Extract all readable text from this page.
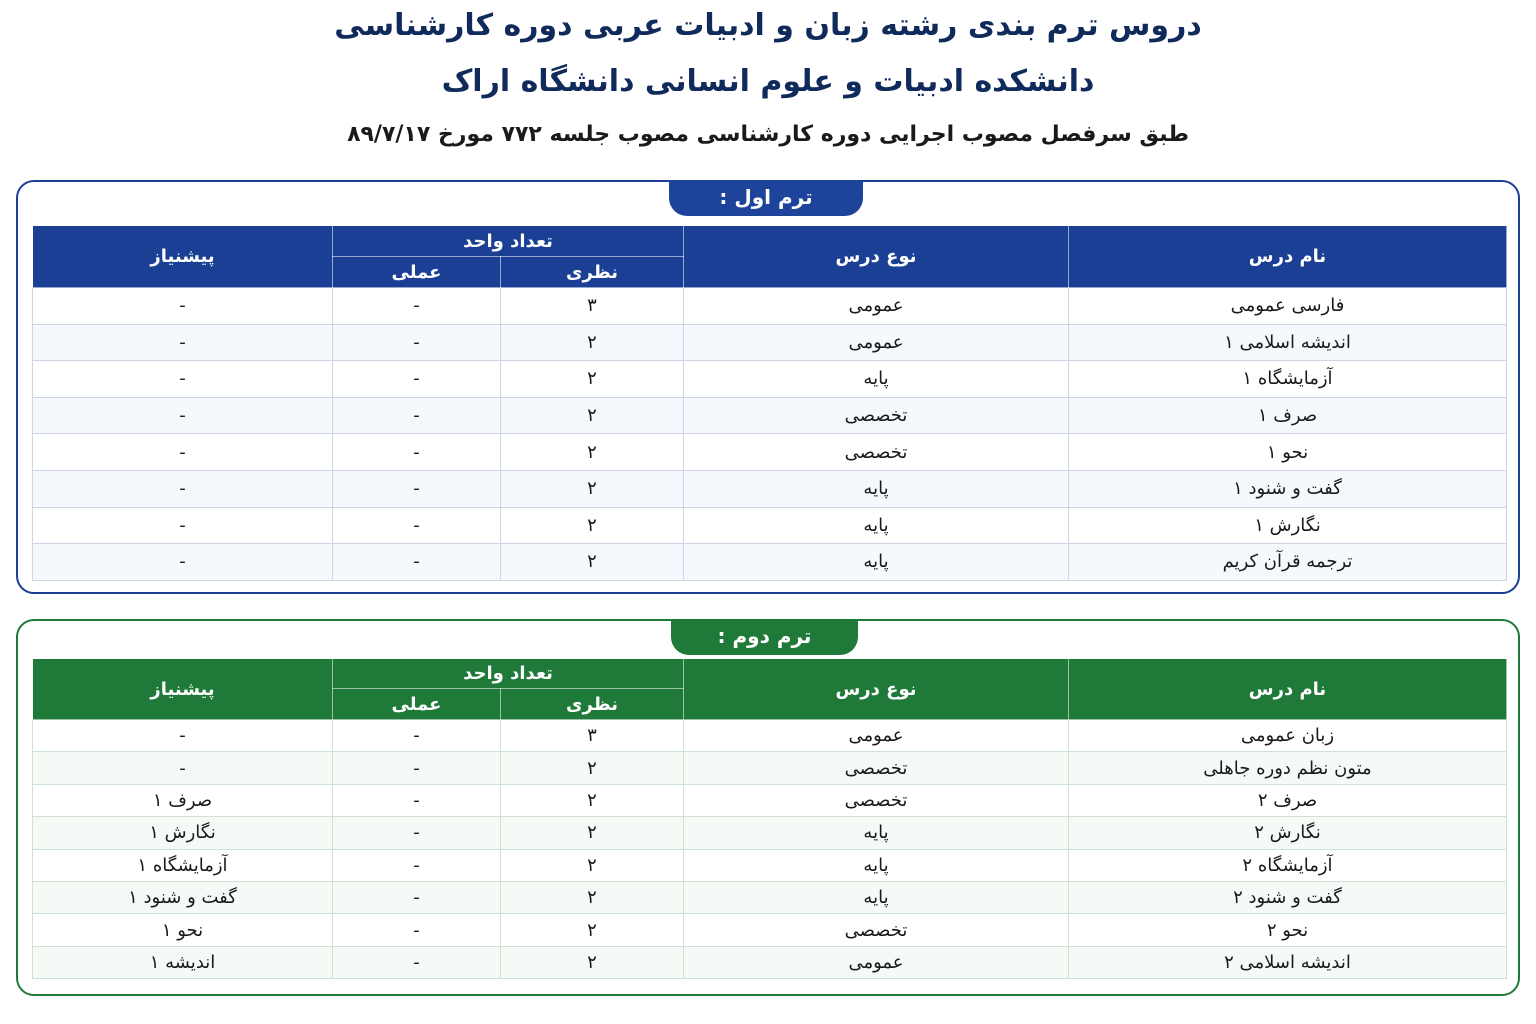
دروس ترم بندی رشته زبان و ادبیات عربی دوره کارشناسی
دانشکده ادبیات و علوم انسانی دانشگاه اراک
طبق سرفصل مصوب اجرایی دوره کارشناسی مصوب جلسه ۷۷۲ مورخ ۸۹/۷/۱۷
ترم اول :
نام درس	نوع درس	تعداد واحد		پیشنیاز
		نظری	عملی	
فارسی عمومی	عمومی	۳	-	-
اندیشه اسلامی ۱	عمومی	۲	-	-
آزمایشگاه ۱	پایه	۲	-	-
صرف ۱	تخصصی	۲	-	-
نحو ۱	تخصصی	۲	-	-
گفت و شنود ۱	پایه	۲	-	-
نگارش ۱	پایه	۲	-	-
ترجمه قرآن کریم	پایه	۲	-	-
ترم دوم :
نام درس	نوع درس	تعداد واحد		پیشنیاز
		نظری	عملی	
زبان عمومی	عمومی	۳	-	-
متون نظم دوره جاهلی	تخصصی	۲	-	-
صرف ۲	تخصصی	۲	-	صرف ۱
نگارش ۲	پایه	۲	-	نگارش ۱
آزمایشگاه ۲	پایه	۲	-	آزمایشگاه ۱
گفت و شنود ۲	پایه	۲	-	گفت و شنود ۱
نحو ۲	تخصصی	۲	-	نحو ۱
اندیشه اسلامی ۲	عمومی	۲	-	اندیشه ۱
